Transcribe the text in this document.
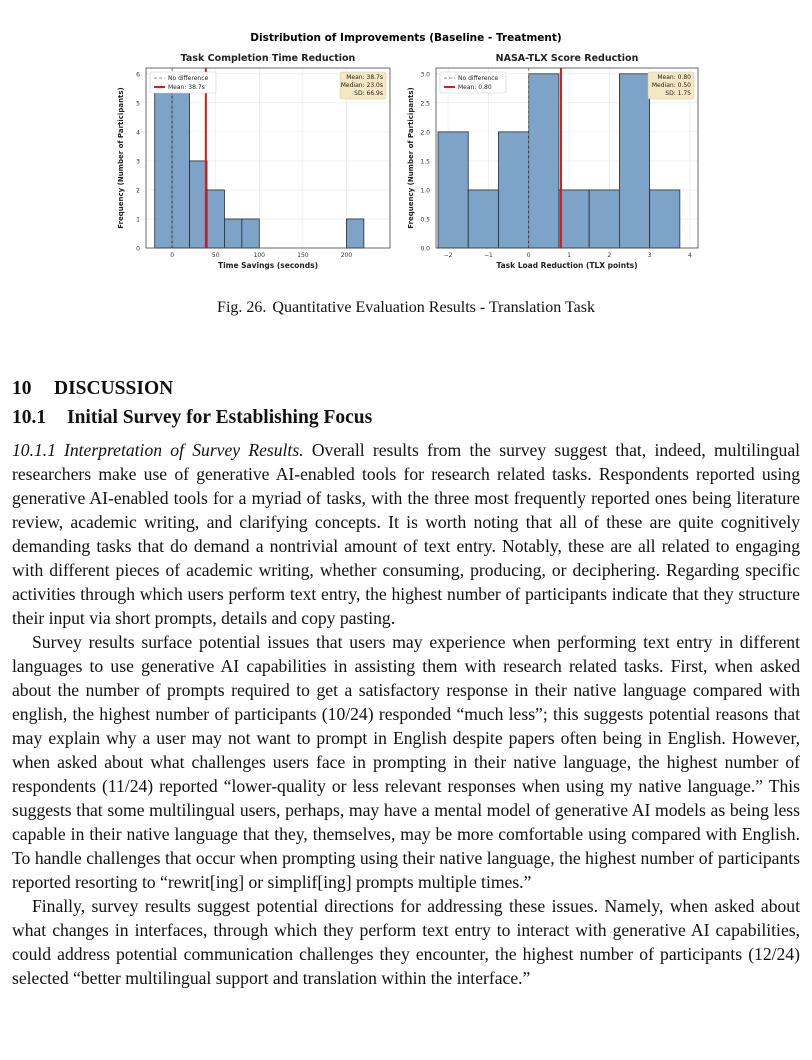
Distribution of Improvements (Baseline - Treatment)
Task Completion Time Reduction
0
1
2
3
4
5
6
0	50	100	150	200
Time Savings (seconds)
Frequency (Number of Participants)
No difference
Mean: 38.7s
Mean: 38.7s
Median: 23.0s
SD: 66.9s
NASA-TLX Score Reduction
0.0
0.5
1.0
1.5
2.0
2.5
3.0
−2	−1	0	1	2	3	4
Task Load Reduction (TLX points)
Frequency (Number of Participants)
No difference
Mean: 0.80
Mean: 0.80
Median: 0.50
SD: 1.75
Fig. 26. Quantitative Evaluation Results - Translation Task
10 DISCUSSION
10.1 Initial Survey for Establishing Focus

10.1.1 Interpretation of Survey Results. Overall results from the survey suggest that, indeed, multilingual researchers make use of generative AI-enabled tools for research related tasks. Respondents reported using generative AI-enabled tools for a myriad of tasks, with the three most frequently reported ones being literature review, academic writing, and clarifying concepts. It is worth noting that all of these are quite cognitively demanding tasks that do demand a nontrivial amount of text entry. Notably, these are all related to engaging with different pieces of academic writing, whether consuming, producing, or deciphering. Regarding specific activities through which users perform text entry, the highest number of participants indicate that they structure their input via short prompts, details and copy pasting.

Survey results surface potential issues that users may experience when performing text entry in different languages to use generative AI capabilities in assisting them with research related tasks. First, when asked about the number of prompts required to get a satisfactory response in their native language compared with english, the highest number of participants (10/24) responded “much less”; this suggests potential reasons that may explain why a user may not want to prompt in English despite papers often being in English. However, when asked about what challenges users face in prompting in their native language, the highest number of respondents (11/24) reported “lower-quality or less relevant responses when using my native language.” This suggests that some multilingual users, perhaps, may have a mental model of generative AI models as being less capable in their native language that they, themselves, may be more comfortable using compared with English. To handle challenges that occur when prompting using their native language, the highest number of participants reported resorting to “rewrit[ing] or simplif[ing] prompts multiple times.”

Finally, survey results suggest potential directions for addressing these issues. Namely, when asked about what changes in interfaces, through which they perform text entry to interact with generative AI capabilities, could address potential communication challenges they encounter, the highest number of participants (12/24) selected “better multilingual support and translation within the interface.”
